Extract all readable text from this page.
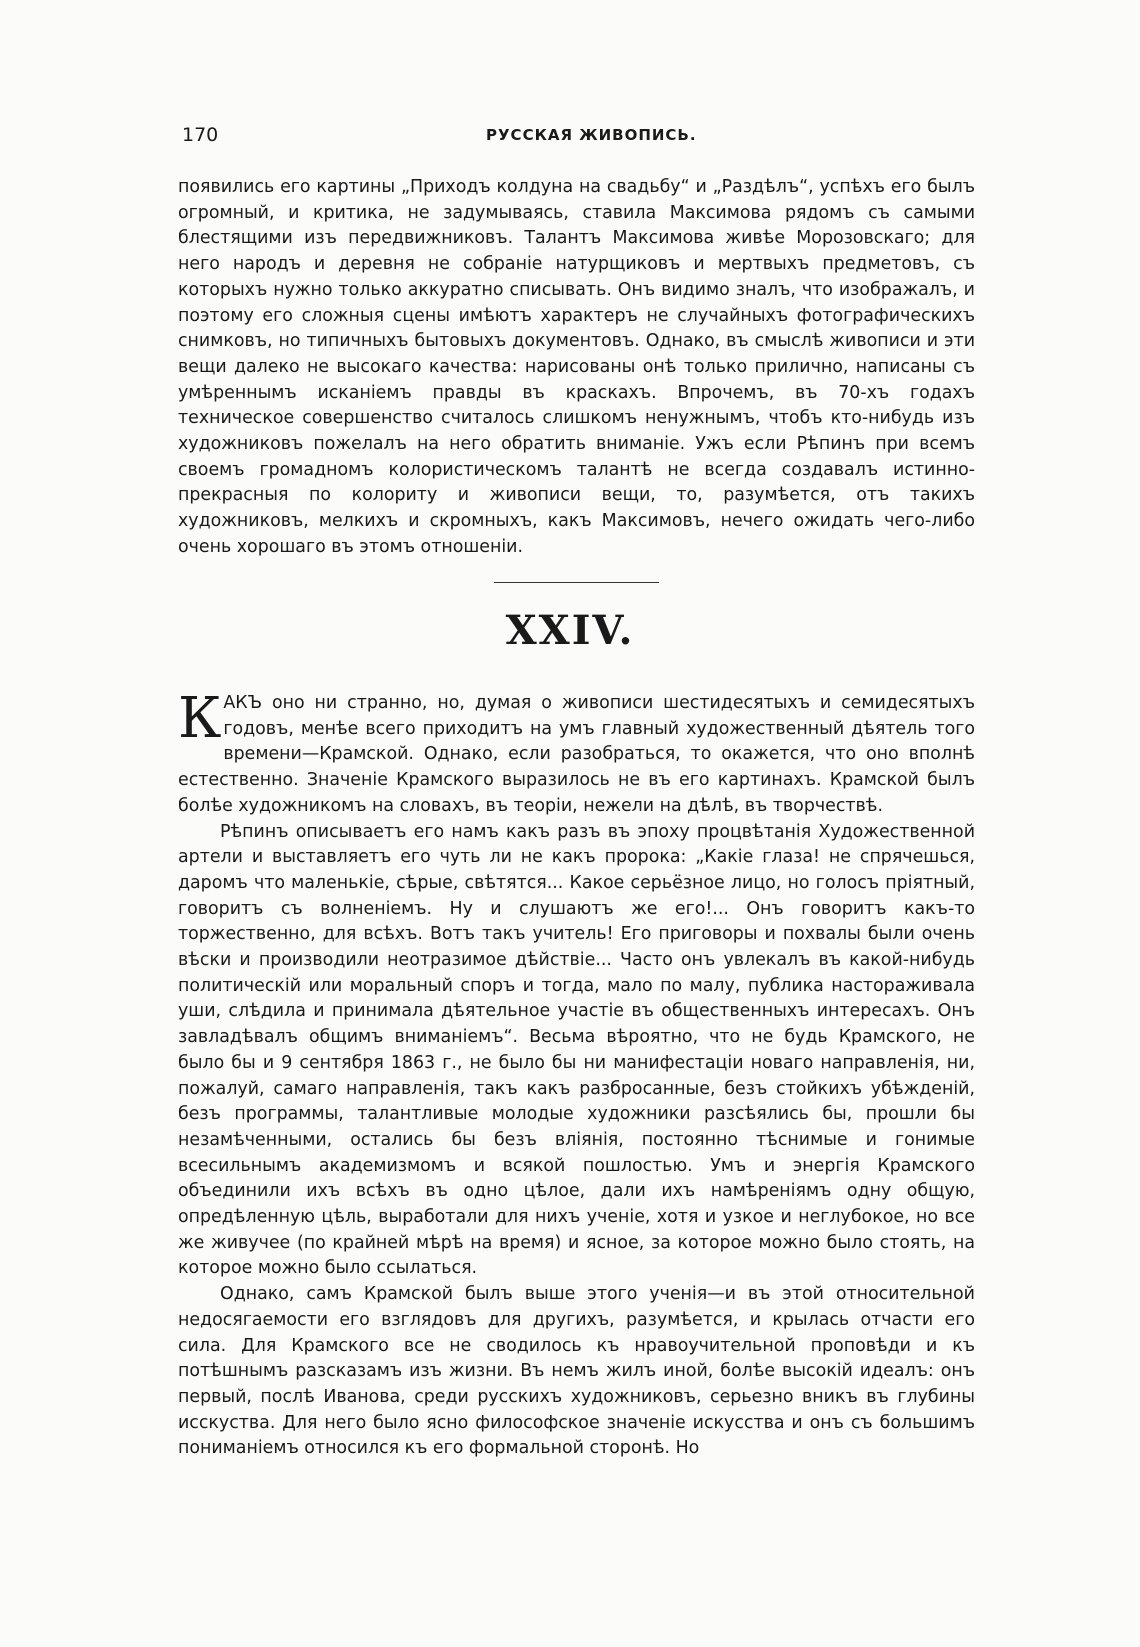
170	РУССКАЯ ЖИВОПИСЬ.

появились его картины „Приходъ колдуна на свадьбу“ и „Раздѣлъ“, успѣхъ его былъ огромный, и критика, не задумываясь, ставила Максимова рядомъ съ самыми блестящими изъ передвижниковъ. Талантъ Максимова живѣе Морозовскаго; для него народъ и деревня не собраніе натурщиковъ и мертвыхъ предметовъ, съ которыхъ нужно только аккуратно списывать. Онъ видимо зналъ, что изображалъ, и поэтому его сложныя сцены имѣютъ характеръ не случайныхъ фотографическихъ снимковъ, но типичныхъ бытовыхъ документовъ. Однако, въ смыслѣ живописи и эти вещи далеко не высокаго качества: нарисованы онѣ только прилично, написаны съ умѣреннымъ исканіемъ правды въ краскахъ. Впрочемъ, въ 70-хъ годахъ техническое совершенство считалось слишкомъ ненужнымъ, чтобъ кто-нибудь изъ художниковъ пожелалъ на него обратить вниманіе. Ужъ если Рѣпинъ при всемъ своемъ громадномъ колористическомъ талантѣ не всегда создавалъ истинно-прекрасныя по колориту и живописи вещи, то, разумѣется, отъ такихъ художниковъ, мелкихъ и скромныхъ, какъ Максимовъ, нечего ожидать чего-либо очень хорошаго въ этомъ отношеніи.

XXIV.

КАКЪ оно ни странно, но, думая о живописи шестидесятыхъ и семидесятыхъ годовъ, менѣе всего приходитъ на умъ главный художественный дѣятель того времени—Крамской. Однако, если разобраться, то окажется, что оно вполнѣ естественно. Значеніе Крамского выразилось не въ его картинахъ. Крамской былъ болѣе художникомъ на словахъ, въ теоріи, нежели на дѣлѣ, въ творчествѣ.

Рѣпинъ описываетъ его намъ какъ разъ въ эпоху процвѣтанія Художественной артели и выставляетъ его чуть ли не какъ пророка: „Какіе глаза! не спрячешься, даромъ что маленькіе, сѣрые, свѣтятся... Какое серьёзное лицо, но голосъ пріятный, говоритъ съ волненіемъ. Ну и слушаютъ же его!... Онъ говоритъ какъ-то торжественно, для всѣхъ. Вотъ такъ учитель! Его приговоры и похвалы были очень вѣски и производили неотразимое дѣйствіе... Часто онъ увлекалъ въ какой-нибудь политическій или моральный споръ и тогда, мало по малу, публика настораживала уши, слѣдила и принимала дѣятельное участіе въ общественныхъ интересахъ. Онъ завладѣвалъ общимъ вниманіемъ“. Весьма вѣроятно, что не будь Крамского, не было бы и 9 сентября 1863 г., не было бы ни манифестаціи новаго направленія, ни, пожалуй, самаго направленія, такъ какъ разбросанные, безъ стойкихъ убѣжденій, безъ программы, талантливые молодые художники разсѣялись бы, прошли бы незамѣченными, остались бы безъ вліянія, постоянно тѣснимые и гонимые всесильнымъ академизмомъ и всякой пошлостью. Умъ и энергія Крамского объединили ихъ всѣхъ въ одно цѣлое, дали ихъ намѣреніямъ одну общую, опредѣленную цѣль, выработали для нихъ ученіе, хотя и узкое и неглубокое, но все же живучее (по крайней мѣрѣ на время) и ясное, за которое можно было стоять, на которое можно было ссылаться.

Однако, самъ Крамской былъ выше этого ученія—и въ этой относительной недосягаемости его взглядовъ для другихъ, разумѣется, и крылась отчасти его сила. Для Крамского все не сводилось къ нравоучительной проповѣди и къ потѣшнымъ разсказамъ изъ жизни. Въ немъ жилъ иной, болѣе высокій идеалъ: онъ первый, послѣ Иванова, среди русскихъ художниковъ, серьезно вникъ въ глубины исскуства. Для него было ясно философское значеніе искусства и онъ съ большимъ пониманіемъ относился къ его формальной сторонѣ. Но
